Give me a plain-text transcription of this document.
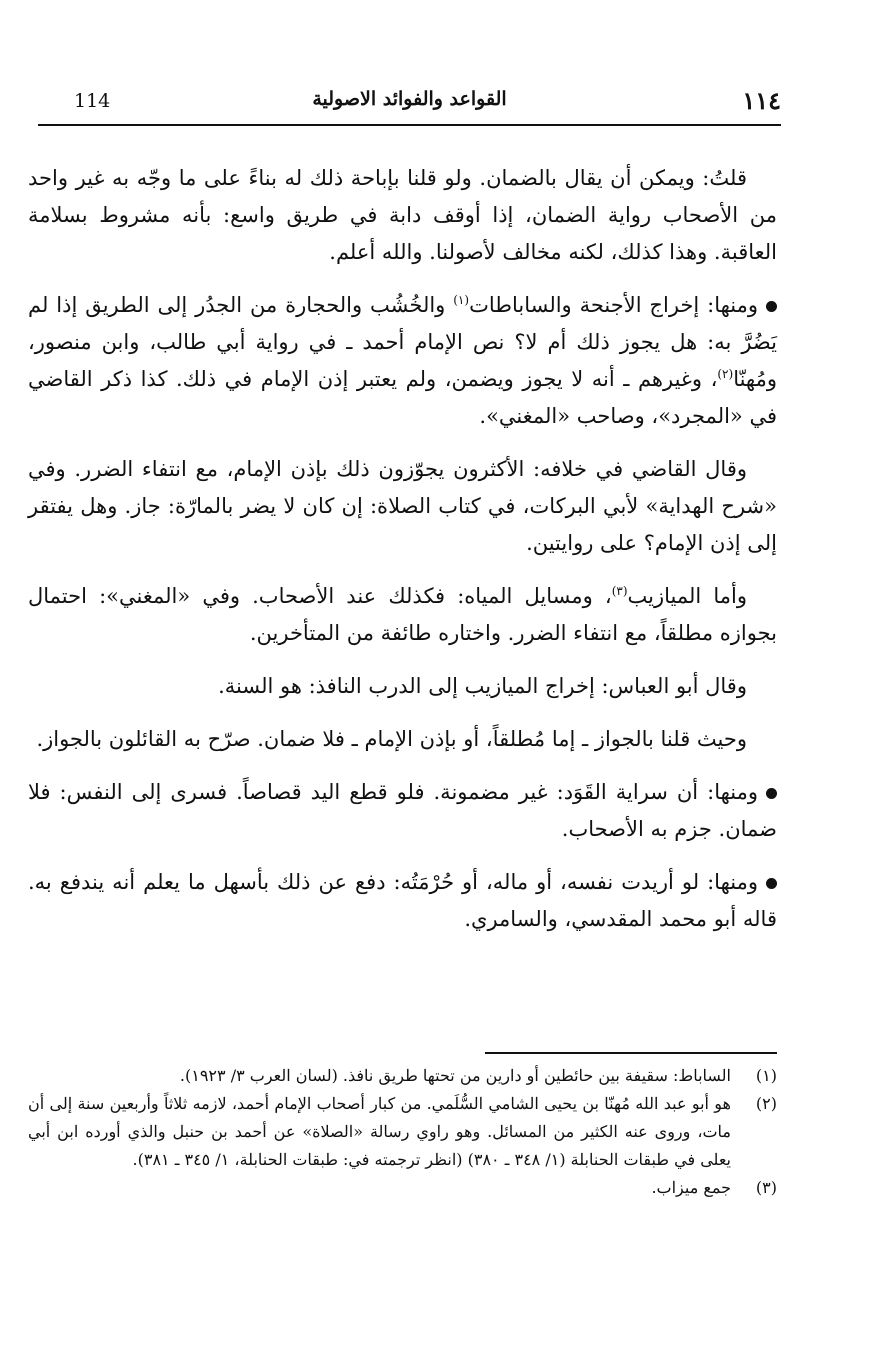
١١٤
القواعد والفوائد الاصولية
114

قلتُ: ويمكن أن يقال بالضمان. ولو قلنا بإباحة ذلك له بناءً على ما وجّه به غير واحد من الأصحاب رواية الضمان، إذا أوقف دابة في طريق واسع: بأنه مشروط بسلامة العاقبة. وهذا كذلك، لكنه مخالف لأصولنا. والله أعلم.

ومنها: إخراج الأجنحة والساباطات$^{(١)}$ والخُشُب والحجارة من الجدُر إلى الطريق إذا لم يَضُرَّ به: هل يجوز ذلك أم لا؟ نص الإمام أحمد ـ في رواية أبي طالب، وابن منصور، ومُهنّا$^{(٢)}$، وغيرهم ـ أنه لا يجوز ويضمن، ولم يعتبر إذن الإمام في ذلك. كذا ذكر القاضي في «المجرد»، وصاحب «المغني».

وقال القاضي في خلافه: الأكثرون يجوّزون ذلك بإذن الإمام، مع انتفاء الضرر. وفي «شرح الهداية» لأبي البركات، في كتاب الصلاة: إن كان لا يضر بالمارّة: جاز. وهل يفتقر إلى إذن الإمام؟ على روايتين.

وأما الميازيب$^{(٣)}$، ومسايل المياه: فكذلك عند الأصحاب. وفي «المغني»: احتمال بجوازه مطلقاً، مع انتفاء الضرر. واختاره طائفة من المتأخرين.

وقال أبو العباس: إخراج الميازيب إلى الدرب النافذ: هو السنة.

وحيث قلنا بالجواز ـ إما مُطلقاً، أو بإذن الإمام ـ فلا ضمان. صرّح به القائلون بالجواز.

ومنها: أن سراية القَوَد: غير مضمونة. فلو قطع اليد قصاصاً. فسرى إلى النفس: فلا ضمان. جزم به الأصحاب.

ومنها: لو أريدت نفسه، أو ماله، أو حُرْمَتُه: دفع عن ذلك بأسهل ما يعلم أنه يندفع به. قاله أبو محمد المقدسي، والسامري.

(١)
الساباط: سقيفة بين حائطين أو دارين من تحتها طريق نافذ. (لسان العرب ٣/ ١٩٢٣).
(٢)
هو أبو عبد الله مُهنّا بن يحيى الشامي السُّلَمي. من كبار أصحاب الإمام أحمد، لازمه ثلاثاً وأربعين سنة إلى أن مات، وروى عنه الكثير من المسائل. وهو راوي رسالة «الصلاة» عن أحمد بن حنبل والذي أورده ابن أبي يعلى في طبقات الحنابلة (١/ ٣٤٨ ـ ٣٨٠) (انظر ترجمته في: طبقات الحنابلة، ١/ ٣٤٥ ـ ٣٨١).
(٣)
جمع ميزاب.
